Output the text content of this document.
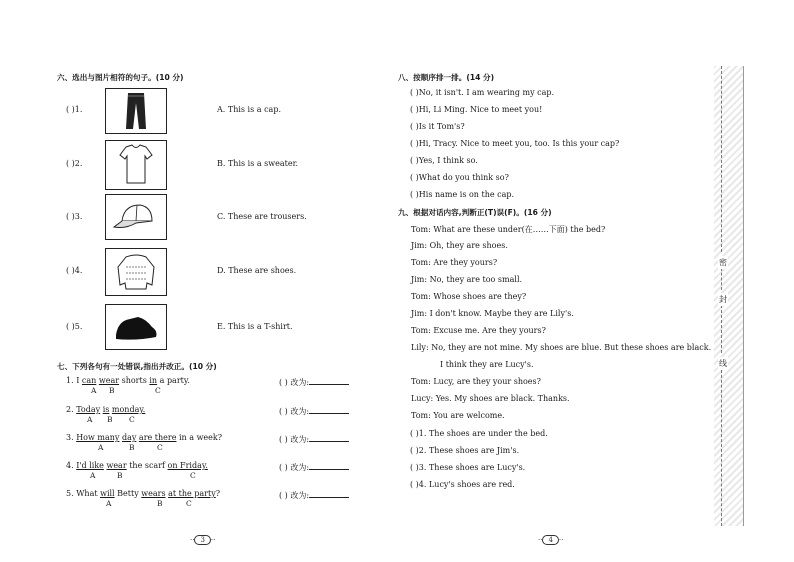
六、选出与图片相符的句子。(10 分)
( )1.
( )2.
( )3.
( )4.
( )5.
A. This is a cap.
B. This is a sweater.
C. These are trousers.
D. These are shoes.
E. This is a T-shirt.
七、下列各句有一处错误,指出并改正。(10 分)
1. I can wear shorts in a party.
A B	C
2. Today is monday.
A B C
3. How many day are there in a week?
A	B	C
4. I'd like wear the scarf on Friday.
A	B	C
5. What will Betty wears at the party?
A	B	C
( ) 改为:
( ) 改为:
( ) 改为:
( ) 改为:
( ) 改为:
·· 3 ··
八、按顺序排一排。(14 分)
( )No, it isn't. I am wearing my cap.
( )Hi, Li Ming. Nice to meet you!
( )Is it Tom's?
( )Hi, Tracy. Nice to meet you, too. Is this your cap?
( )Yes, I think so.
( )What do you think so?
( )His name is on the cap.
九、根据对话内容,判断正(T)误(F)。(16 分)
Tom: What are these under(在……下面) the bed?
Jim: Oh, they are shoes.
Tom: Are they yours?
Jim: No, they are too small.
Tom: Whose shoes are they?
Jim: I don't know. Maybe they are Lily's.
Tom: Excuse me. Are they yours?
Lily: No, they are not mine. My shoes are blue. But these shoes are black.
I think they are Lucy's.
Tom: Lucy, are they your shoes?
Lucy: Yes. My shoes are black. Thanks.
Tom: You are welcome.
( )1. The shoes are under the bed.
( )2. These shoes are Jim's.
( )3. These shoes are Lucy's.
( )4. Lucy's shoes are red.
·· 4 ··
密
封
线
